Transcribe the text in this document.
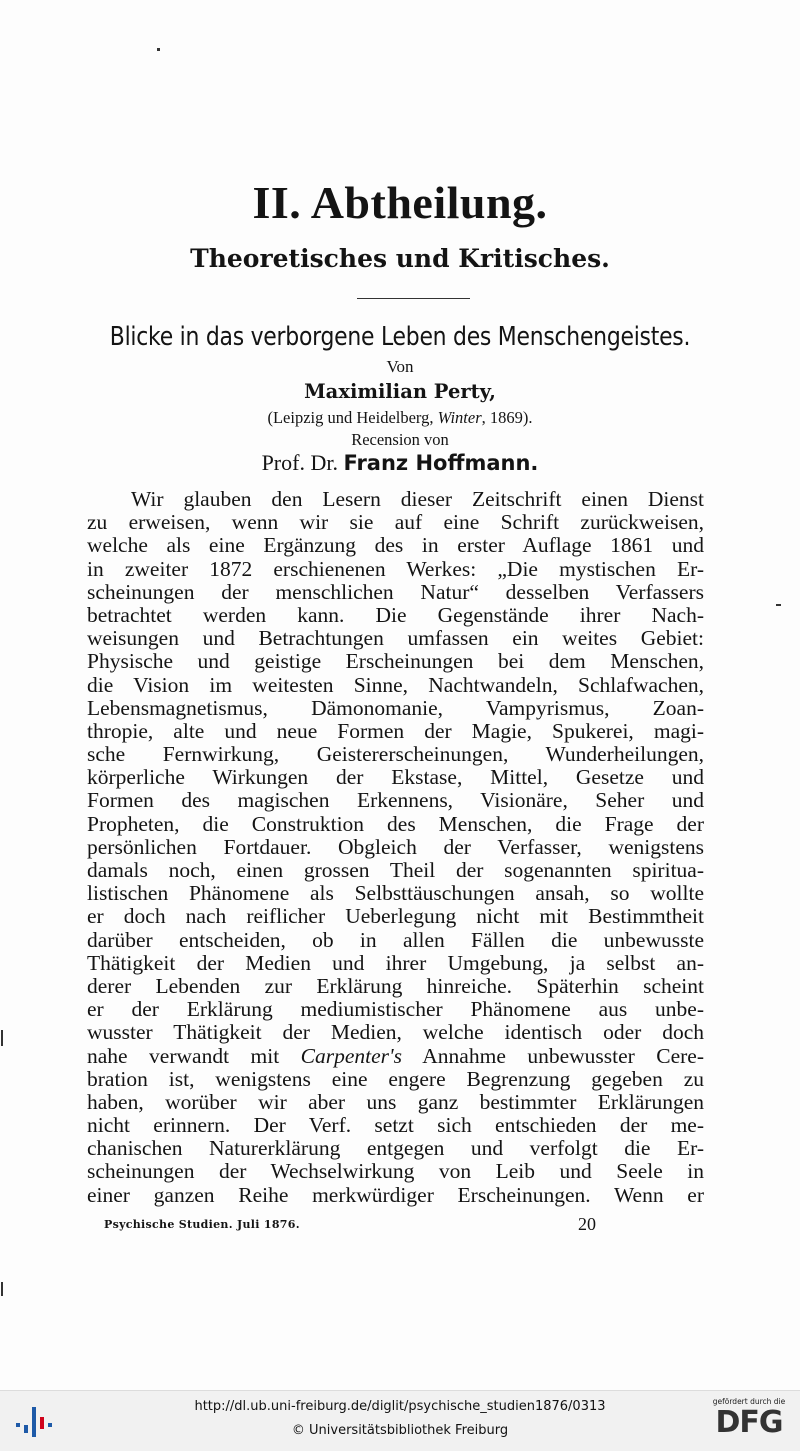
II. Abtheilung.
Theoretisches und Kritisches.
Blicke in das verborgene Leben des Menschengeistes.
Von
Maximilian Perty,
(Leipzig und Heidelberg, Winter, 1869).
Recension von
Prof. Dr. Franz Hoffmann.
Wir glauben den Lesern dieser Zeitschrift einen Dienst
zu erweisen, wenn wir sie auf eine Schrift zurückweisen,
welche als eine Ergänzung des in erster Auflage 1861 und
in zweiter 1872 erschienenen Werkes: „Die mystischen Er-
scheinungen der menschlichen Natur“ desselben Verfassers
betrachtet werden kann. Die Gegenstände ihrer Nach-
weisungen und Betrachtungen umfassen ein weites Gebiet:
Physische und geistige Erscheinungen bei dem Menschen,
die Vision im weitesten Sinne, Nachtwandeln, Schlafwachen,
Lebensmagnetismus, Dämonomanie, Vampyrismus, Zoan-
thropie, alte und neue Formen der Magie, Spukerei, magi-
sche Fernwirkung, Geistererscheinungen, Wunderheilungen,
körperliche Wirkungen der Ekstase, Mittel, Gesetze und
Formen des magischen Erkennens, Visionäre, Seher und
Propheten, die Construktion des Menschen, die Frage der
persönlichen Fortdauer. Obgleich der Verfasser, wenigstens
damals noch, einen grossen Theil der sogenannten spiritua-
listischen Phänomene als Selbsttäuschungen ansah, so wollte
er doch nach reiflicher Ueberlegung nicht mit Bestimmtheit
darüber entscheiden, ob in allen Fällen die unbewusste
Thätigkeit der Medien und ihrer Umgebung, ja selbst an-
derer Lebenden zur Erklärung hinreiche. Späterhin scheint
er der Erklärung mediumistischer Phänomene aus unbe-
wusster Thätigkeit der Medien, welche identisch oder doch
nahe verwandt mit Carpenter's Annahme unbewusster Cere-
bration ist, wenigstens eine engere Begrenzung gegeben zu
haben, worüber wir aber uns ganz bestimmter Erklärungen
nicht erinnern. Der Verf. setzt sich entschieden der me-
chanischen Naturerklärung entgegen und verfolgt die Er-
scheinungen der Wechselwirkung von Leib und Seele in
einer ganzen Reihe merkwürdiger Erscheinungen. Wenn er
Psychische Studien. Juli 1876.	20
http://dl.ub.uni-freiburg.de/diglit/psychische_studien1876/0313
© Universitätsbibliothek Freiburg
gefördert durch die
DFG
